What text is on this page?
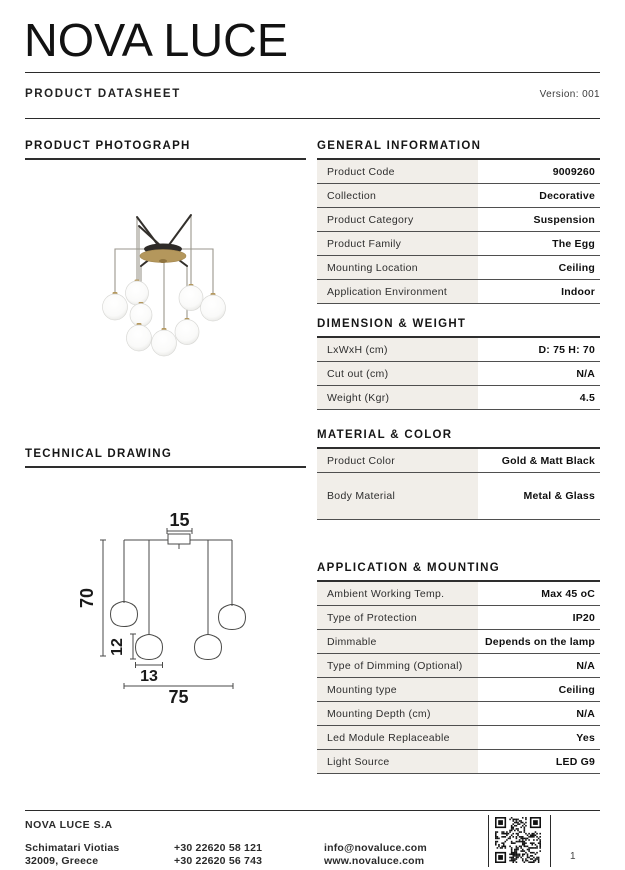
NOVA LUCE
PRODUCT DATASHEET	Version: 001
PRODUCT PHOTOGRAPH
TECHNICAL DRAWING
15
70
12
13
75
GENERAL INFORMATION
Product Code	9009260
Collection	Decorative
Product Category	Suspension
Product Family	The Egg
Mounting Location	Ceiling
Application Environment	Indoor
DIMENSION & WEIGHT
LxWxH (cm)	D: 75 H: 70
Cut out (cm)	N/A
Weight (Kgr)	4.5
MATERIAL & COLOR
Product Color	Gold & Matt Black
Body Material	Metal & Glass
APPLICATION & MOUNTING
Ambient Working Temp.	Max 45 oC
Type of Protection	IP20
Dimmable	Depends on the lamp
Type of Dimming (Optional)	N/A
Mounting type	Ceiling
Mounting Depth (cm)	N/A
Led Module Replaceable	Yes
Light Source	LED G9
NOVA LUCE S.A
Schimatari Viotias
32009, Greece
+30 22620 58 121
+30 22620 56 743
info@novaluce.com
www.novaluce.com	1
